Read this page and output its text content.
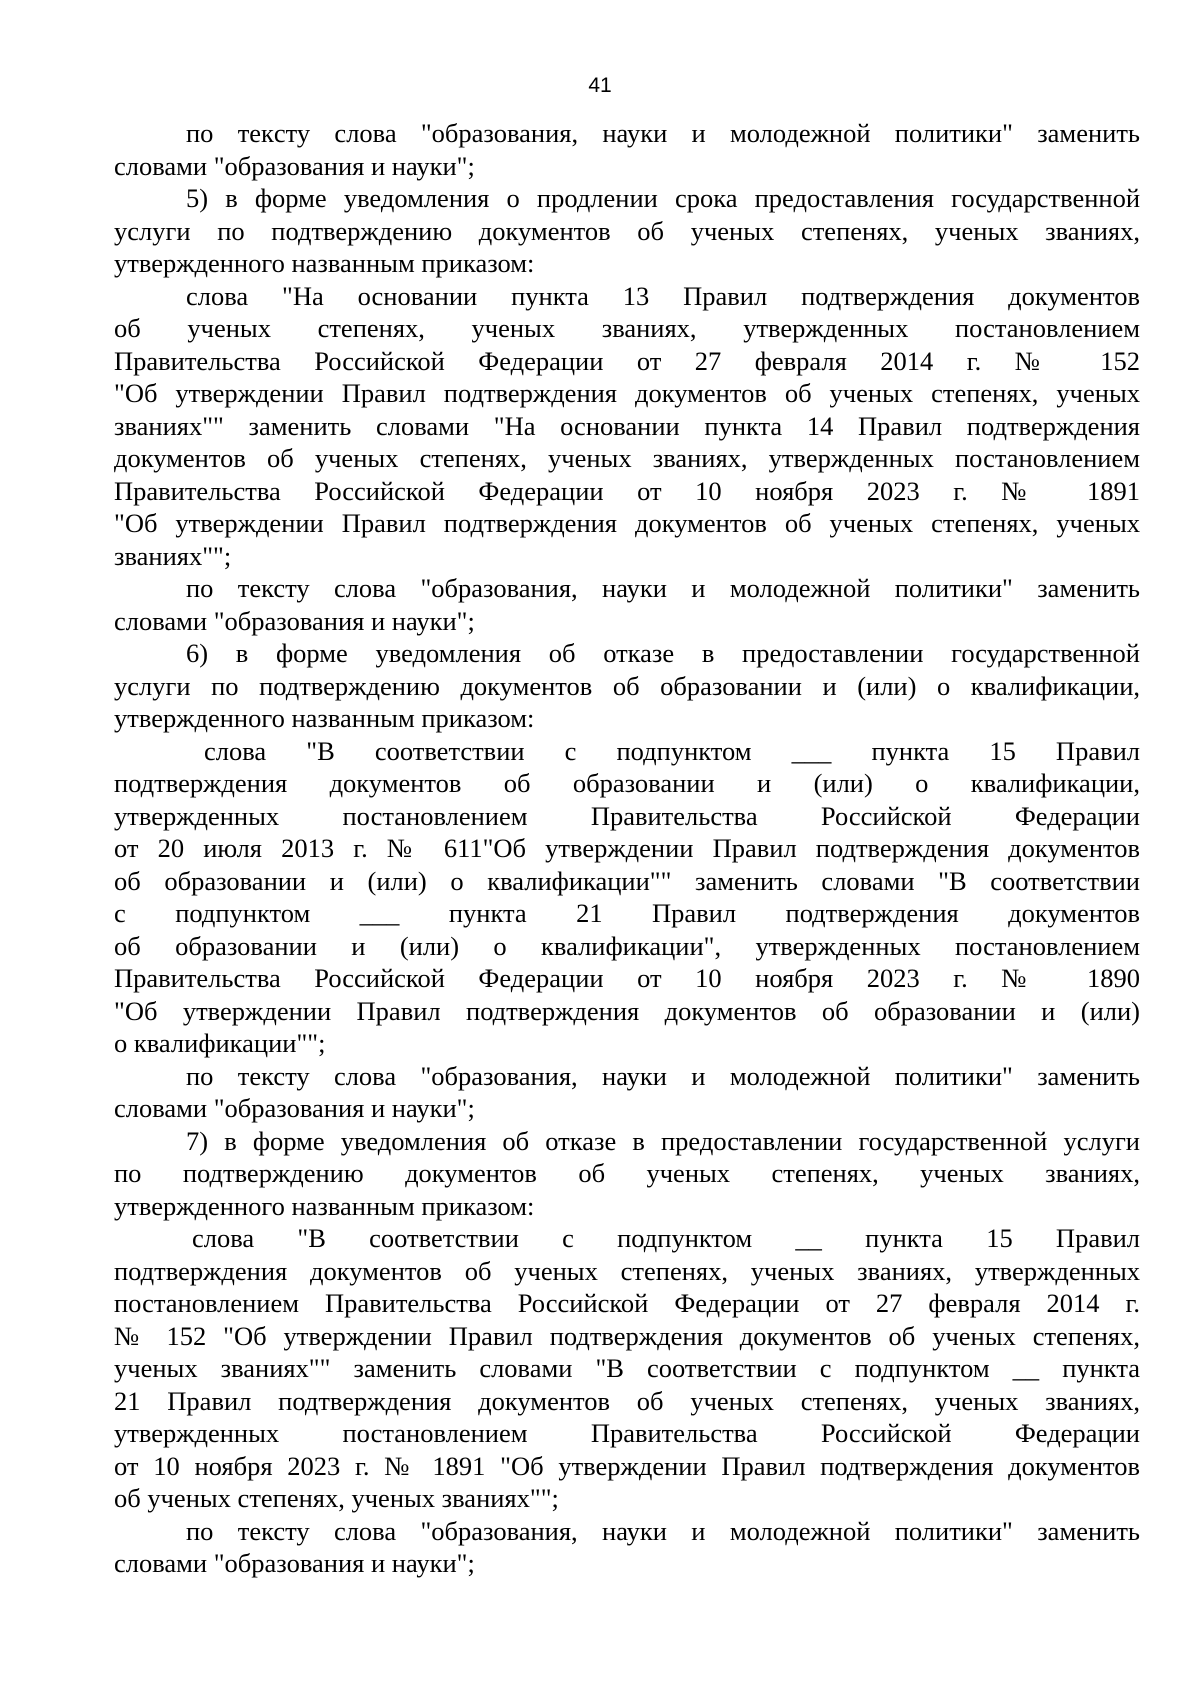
41
по текcту слова "образования, науки и молодежной политики" заменить
словами "образования и науки";
5) в форме уведомления о продлении срока предоставления государственной
услуги по подтверждению документов об ученых степенях, ученых званиях,
утвержденного названным приказом:
слова "На основании пункта 13 Правил подтверждения документов
об ученых степенях, ученых званиях, утвержденных постановлением
Правительства Российской Федерации от 27 февраля 2014 г. № 152
"Об утверждении Правил подтверждения документов об ученых степенях, ученых
званиях"" заменить словами "На основании пункта 14 Правил подтверждения
документов об ученых степенях, ученых званиях, утвержденных постановлением
Правительства Российской Федерации от 10 ноября 2023 г. № 1891
"Об утверждении Правил подтверждения документов об ученых степенях, ученых
званиях"";
по тексту слова "образования, науки и молодежной политики" заменить
словами "образования и науки";
6) в форме уведомления об отказе в предоставлении государственной
услуги по подтверждению документов об образовании и (или) о квалификации,
утвержденного названным приказом:
слова "В соответствии с подпунктом ___ пункта 15 Правил
подтверждения документов об образовании и (или) о квалификации,
утвержденных постановлением Правительства Российской Федерации
от 20 июля 2013 г. № 611"Об утверждении Правил подтверждения документов
об образовании и (или) о квалификации"" заменить словами "В соответствии
с подпунктом ___ пункта 21 Правил подтверждения документов
об образовании и (или) о квалификации", утвержденных постановлением
Правительства Российской Федерации от 10 ноября 2023 г. № 1890
"Об утверждении Правил подтверждения документов об образовании и (или)
о квалификации"";
по тексту слова "образования, науки и молодежной политики" заменить
словами "образования и науки";
7) в форме уведомления об отказе в предоставлении государственной услуги
по подтверждению документов об ученых степенях, ученых званиях,
утвержденного названным приказом:
слова "В соответствии с подпунктом __ пункта 15 Правил
подтверждения документов об ученых степенях, ученых званиях, утвержденных
постановлением Правительства Российской Федерации от 27 февраля 2014 г.
№ 152 "Об утверждении Правил подтверждения документов об ученых степенях,
ученых званиях"" заменить словами "В соответствии с подпунктом __ пункта
21 Правил подтверждения документов об ученых степенях, ученых званиях,
утвержденных постановлением Правительства Российской Федерации
от 10 ноября 2023 г. № 1891 "Об утверждении Правил подтверждения документов
об ученых степенях, ученых званиях"";
по тексту слова "образования, науки и молодежной политики" заменить
словами "образования и науки";
